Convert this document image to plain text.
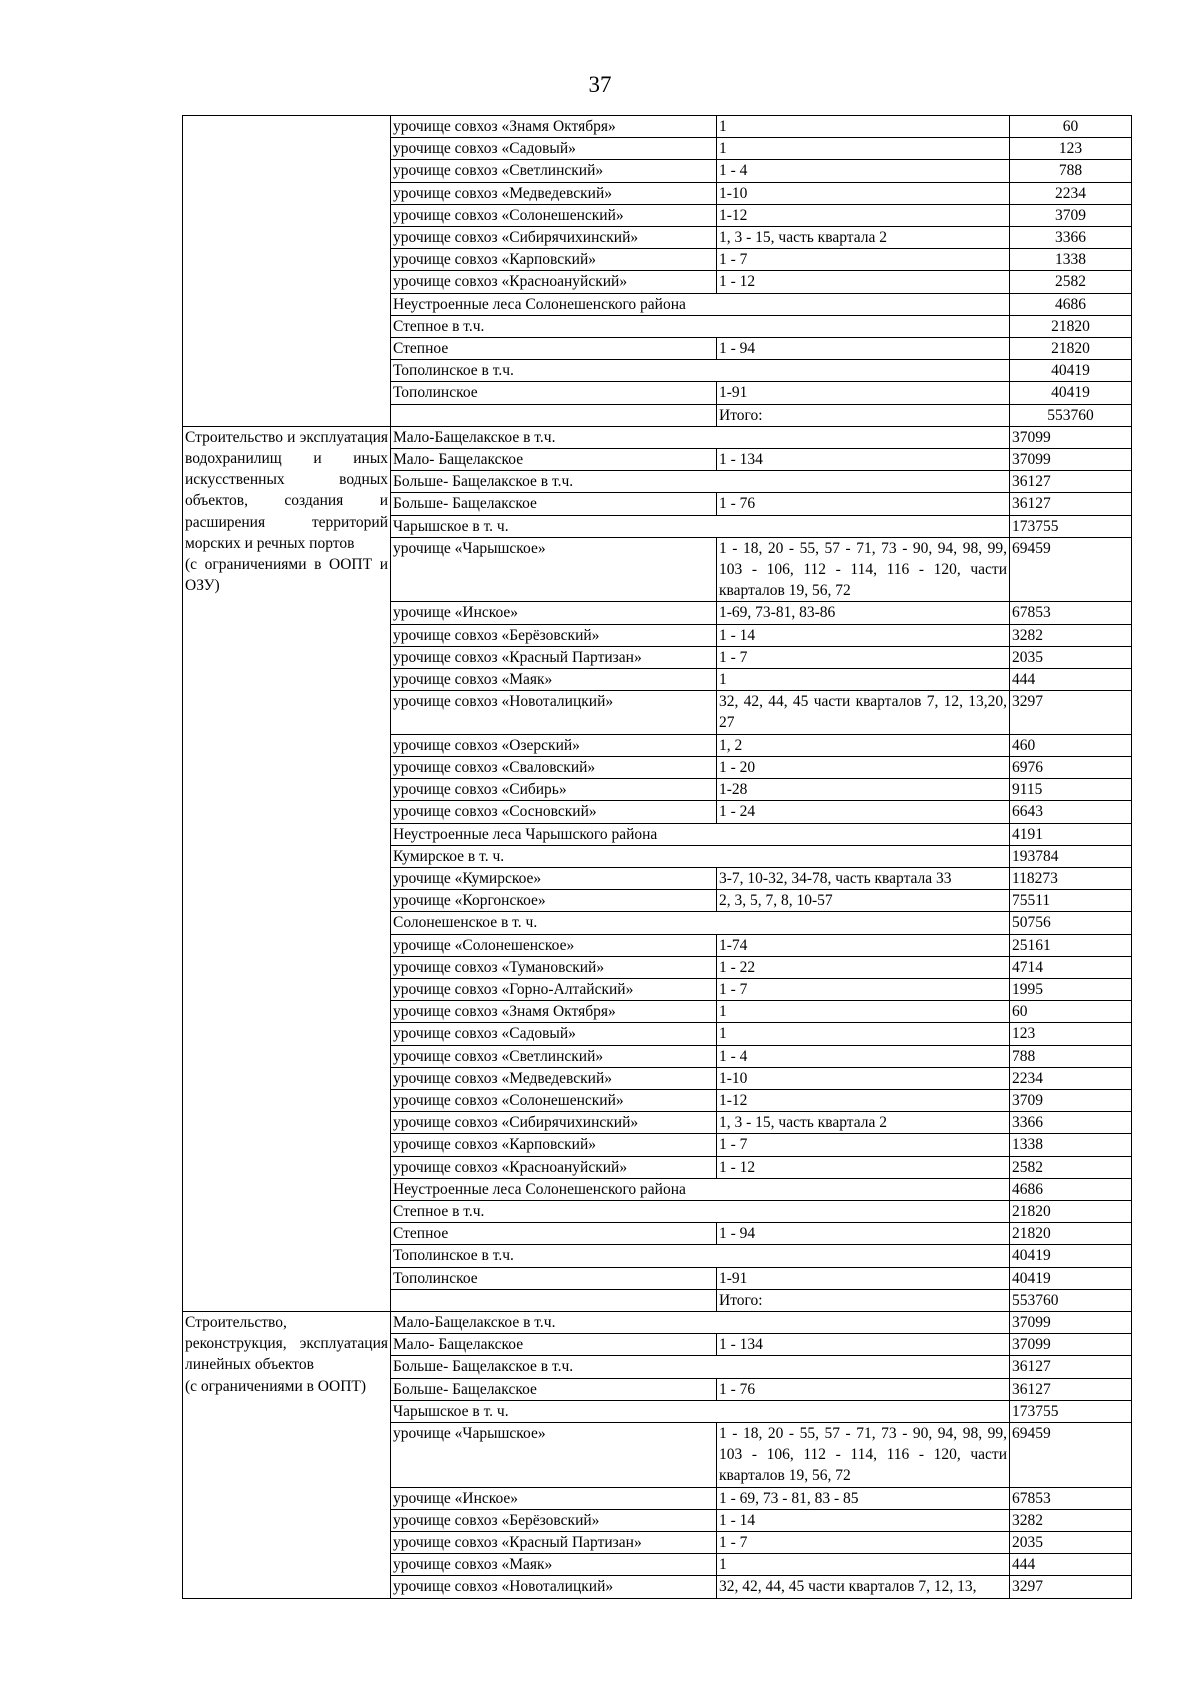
37
	урочище совхоз «Знамя Октября»	1	60
	урочище совхоз «Садовый»	1	123
	урочище совхоз «Светлинский»	1 - 4	788
	урочище совхоз «Медведевский»	1-10	2234
	урочище совхоз «Солонешенский»	1-12	3709
	урочище совхоз «Сибирячихинский»	1, 3 - 15, часть квартала 2	3366
	урочище совхоз «Карповский»	1 - 7	1338
	урочище совхоз «Красноануйский»	1 - 12	2582
	Неустроенные леса Солонешенского района		4686
	Степное в т.ч.		21820
	Степное	1 - 94	21820
	Тополинское в т.ч.		40419
	Тополинское	1-91	40419
		Итого:	553760

Строительство и эксплуатация водохранилищ и иных искусственных водных объектов, создания и расширения территорий морских и речных портов
(с ограничениями в ООПТ и ОЗУ)	Мало-Бащелакское в т.ч.		37099
	Мало- Бащелакское	1 - 134	37099
	Больше- Бащелакское в т.ч.		36127
	Больше- Бащелакское	1 - 76	36127
	Чарышское в т. ч.		173755
	урочище «Чарышское»	1 - 18, 20 - 55, 57 - 71, 73 - 90, 94, 98, 99, 103 - 106, 112 - 114, 116 - 120, части кварталов 19, 56, 72	69459
	урочище «Инское»	1-69, 73-81, 83-86	67853
	урочище совхоз «Берёзовский»	1 - 14	3282
	урочище совхоз «Красный Партизан»	1 - 7	2035
	урочище совхоз «Маяк»	1	444
	урочище совхоз «Новоталицкий»	32, 42, 44, 45 части кварталов 7, 12, 13,20, 27	3297
	урочище совхоз «Озерский»	1, 2	460
	урочище совхоз «Сваловский»	1 - 20	6976
	урочище совхоз «Сибирь»	1-28	9115
	урочище совхоз «Сосновский»	1 - 24	6643
	Неустроенные леса Чарышского района		4191
	Кумирское в т. ч.		193784
	урочище «Кумирское»	3-7, 10-32, 34-78, часть квартала 33	118273
	урочище «Коргонское»	2, 3, 5, 7, 8, 10-57	75511
	Солонешенское в т. ч.		50756
	урочище «Солонешенское»	1-74	25161
	урочище совхоз «Тумановский»	1 - 22	4714
	урочище совхоз «Горно-Алтайский»	1 - 7	1995
	урочище совхоз «Знамя Октября»	1	60
	урочище совхоз «Садовый»	1	123
	урочище совхоз «Светлинский»	1 - 4	788
	урочище совхоз «Медведевский»	1-10	2234
	урочище совхоз «Солонешенский»	1-12	3709
	урочище совхоз «Сибирячихинский»	1, 3 - 15, часть квартала 2	3366
	урочище совхоз «Карповский»	1 - 7	1338
	урочище совхоз «Красноануйский»	1 - 12	2582
	Неустроенные леса Солонешенского района		4686
	Степное в т.ч.		21820
	Степное	1 - 94	21820
	Тополинское в т.ч.		40419
	Тополинское	1-91	40419
		Итого:	553760

Строительство, реконструкция, эксплуатация линейных объектов
(с ограничениями в ООПТ)	Мало-Бащелакское в т.ч.		37099
	Мало- Бащелакское	1 - 134	37099
	Больше- Бащелакское в т.ч.		36127
	Больше- Бащелакское	1 - 76	36127
	Чарышское в т. ч.		173755
	урочище «Чарышское»	1 - 18, 20 - 55, 57 - 71, 73 - 90, 94, 98, 99, 103 - 106, 112 - 114, 116 - 120, части кварталов 19, 56, 72	69459
	урочище «Инское»	1 - 69, 73 - 81, 83 - 85	67853
	урочище совхоз «Берёзовский»	1 - 14	3282
	урочище совхоз «Красный Партизан»	1 - 7	2035
	урочище совхоз «Маяк»	1	444
	урочище совхоз «Новоталицкий»	32, 42, 44, 45 части кварталов 7, 12, 13,	3297
